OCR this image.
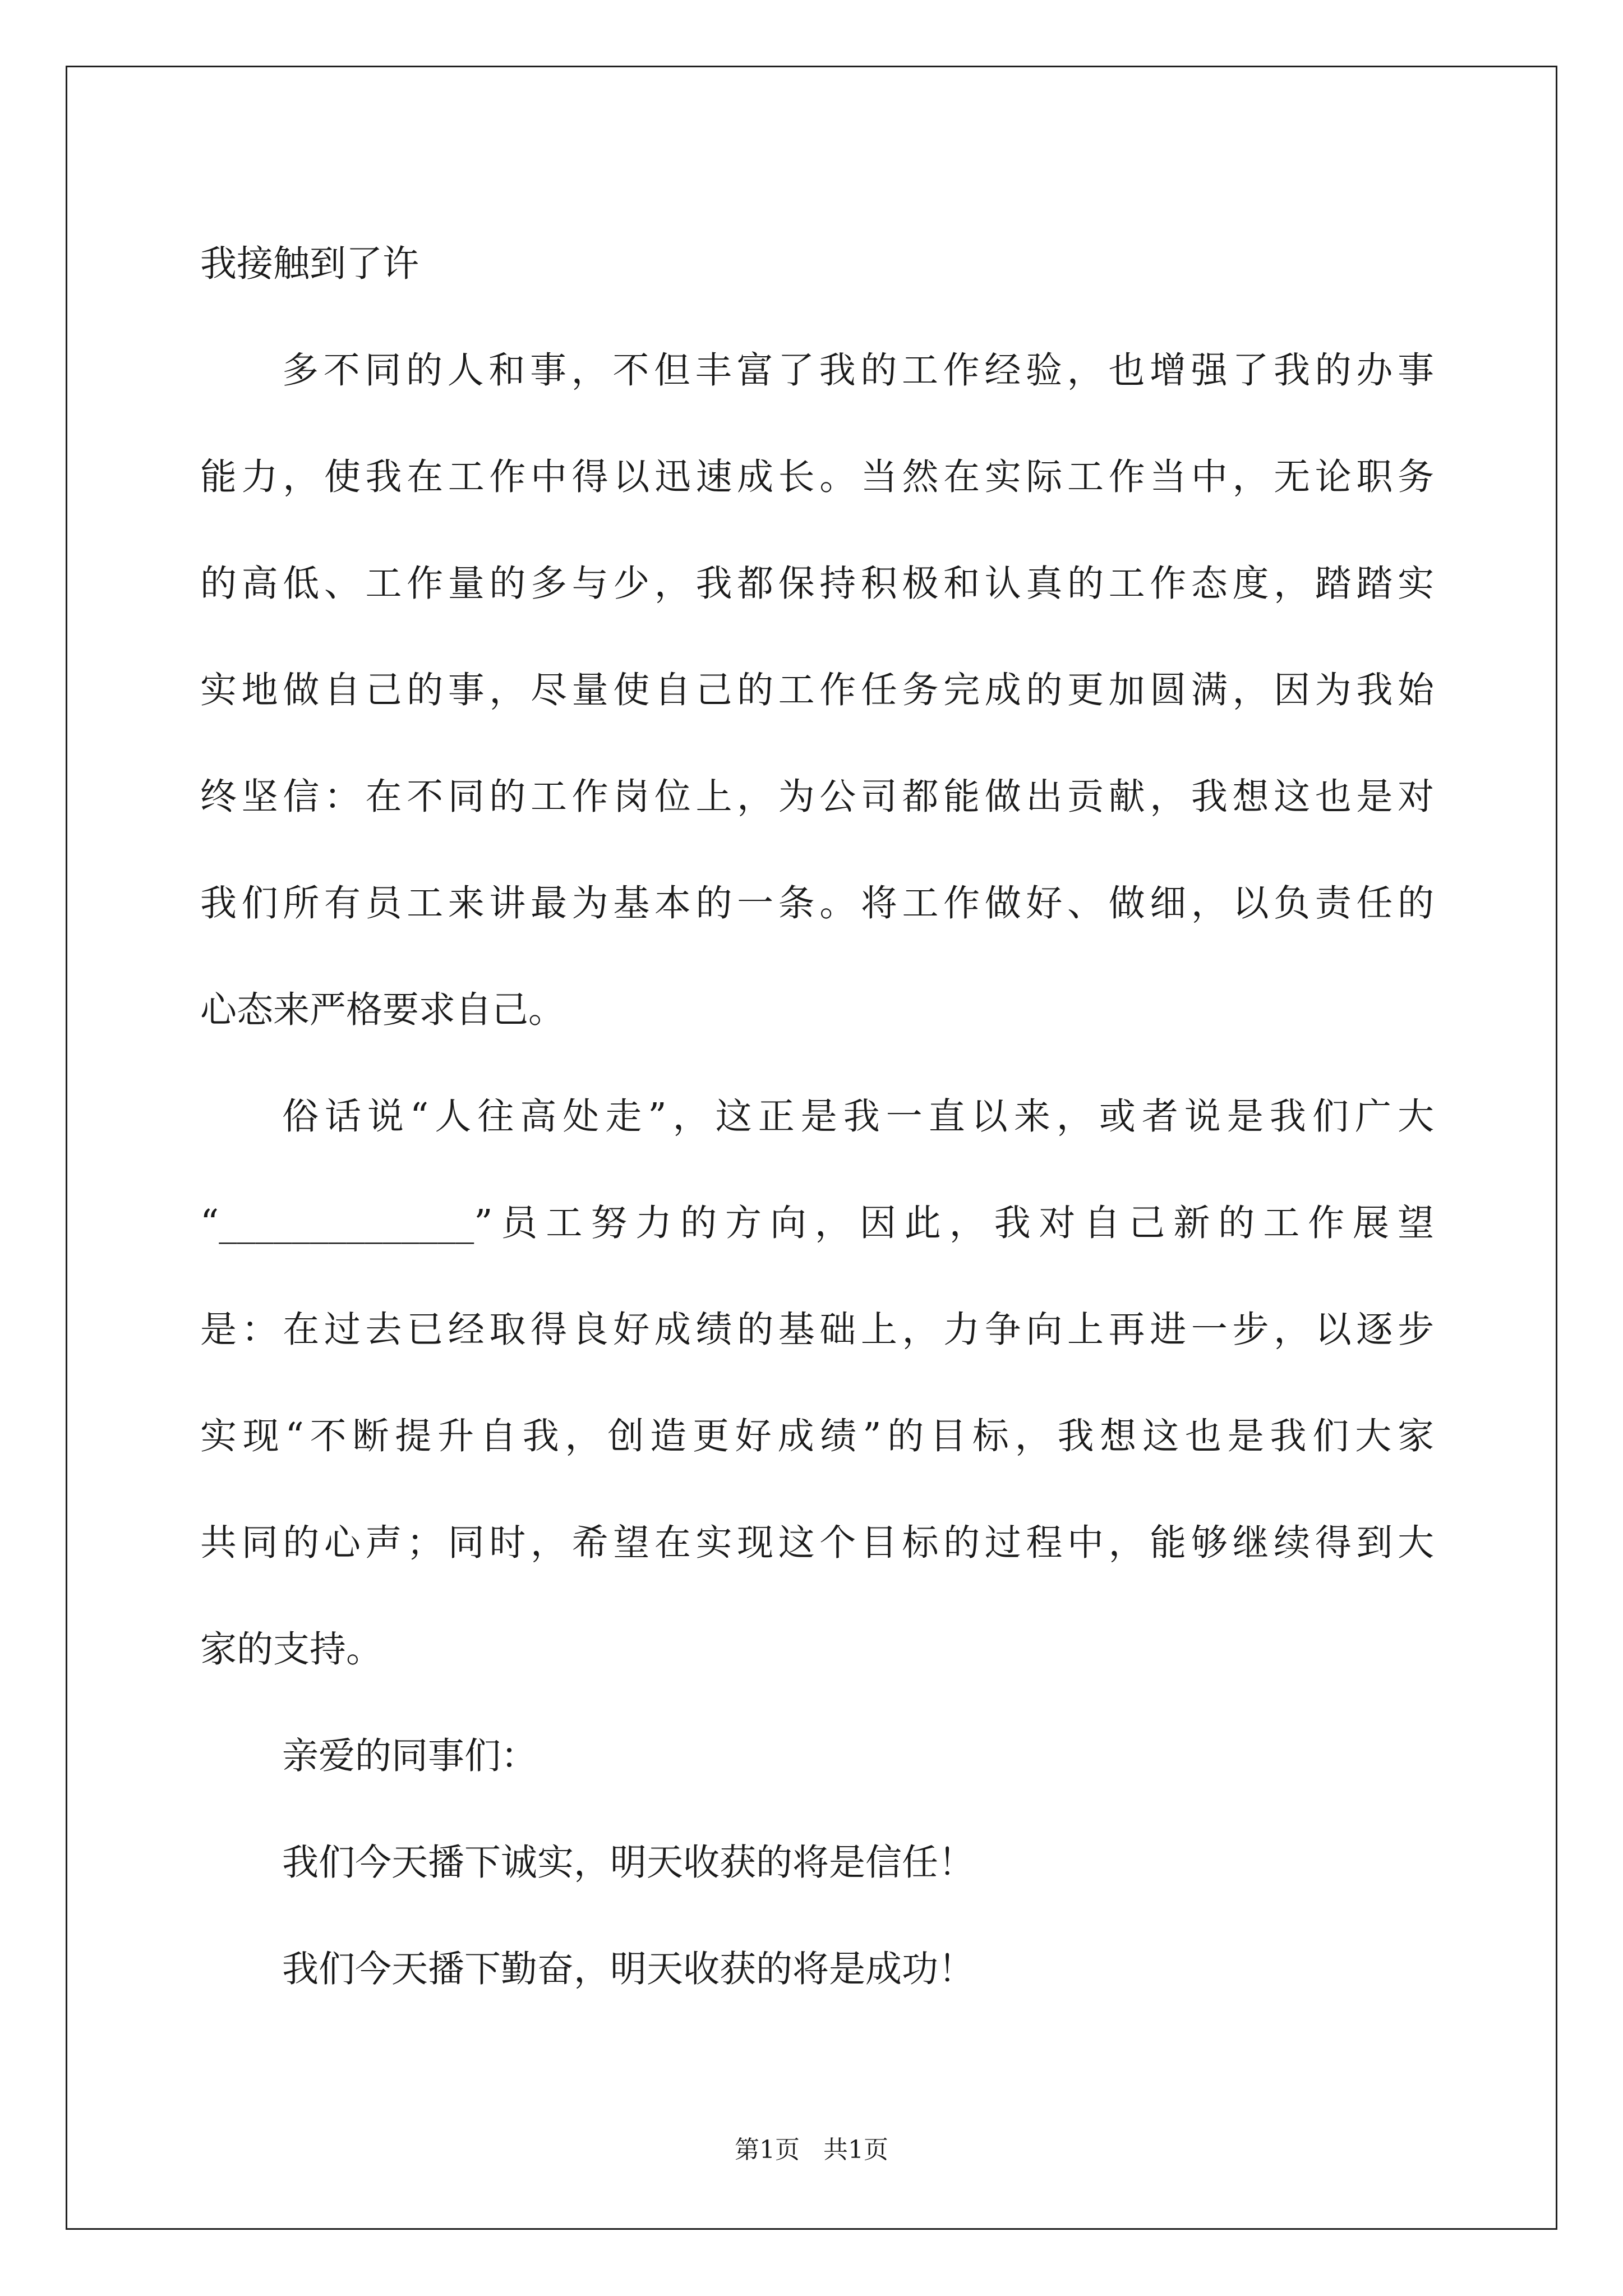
我接触到了许
多不同的人和事，不但丰富了我的工作经验，也增强了我的办事
能力，使我在工作中得以迅速成长。当然在实际工作当中，无论职务
的高低、工作量的多与少，我都保持积极和认真的工作态度，踏踏实
实地做自己的事，尽量使自己的工作任务完成的更加圆满，因为我始
终坚信：在不同的工作岗位上，为公司都能做出贡献，我想这也是对
我们所有员工来讲最为基本的一条。将工作做好、做细，以负责任的
心态来严格要求自己。
俗话说“人往高处走”，这正是我一直以来，或者说是我们广大
“______________”员工努力的方向，因此，我对自己新的工作展望
是：在过去已经取得良好成绩的基础上，力争向上再进一步，以逐步
实现“不断提升自我，创造更好成绩”的目标，我想这也是我们大家
共同的心声；同时，希望在实现这个目标的过程中，能够继续得到大
家的支持。
亲爱的同事们：
我们今天播下诚实，明天收获的将是信任！
我们今天播下勤奋，明天收获的将是成功！
第1页   共1页
